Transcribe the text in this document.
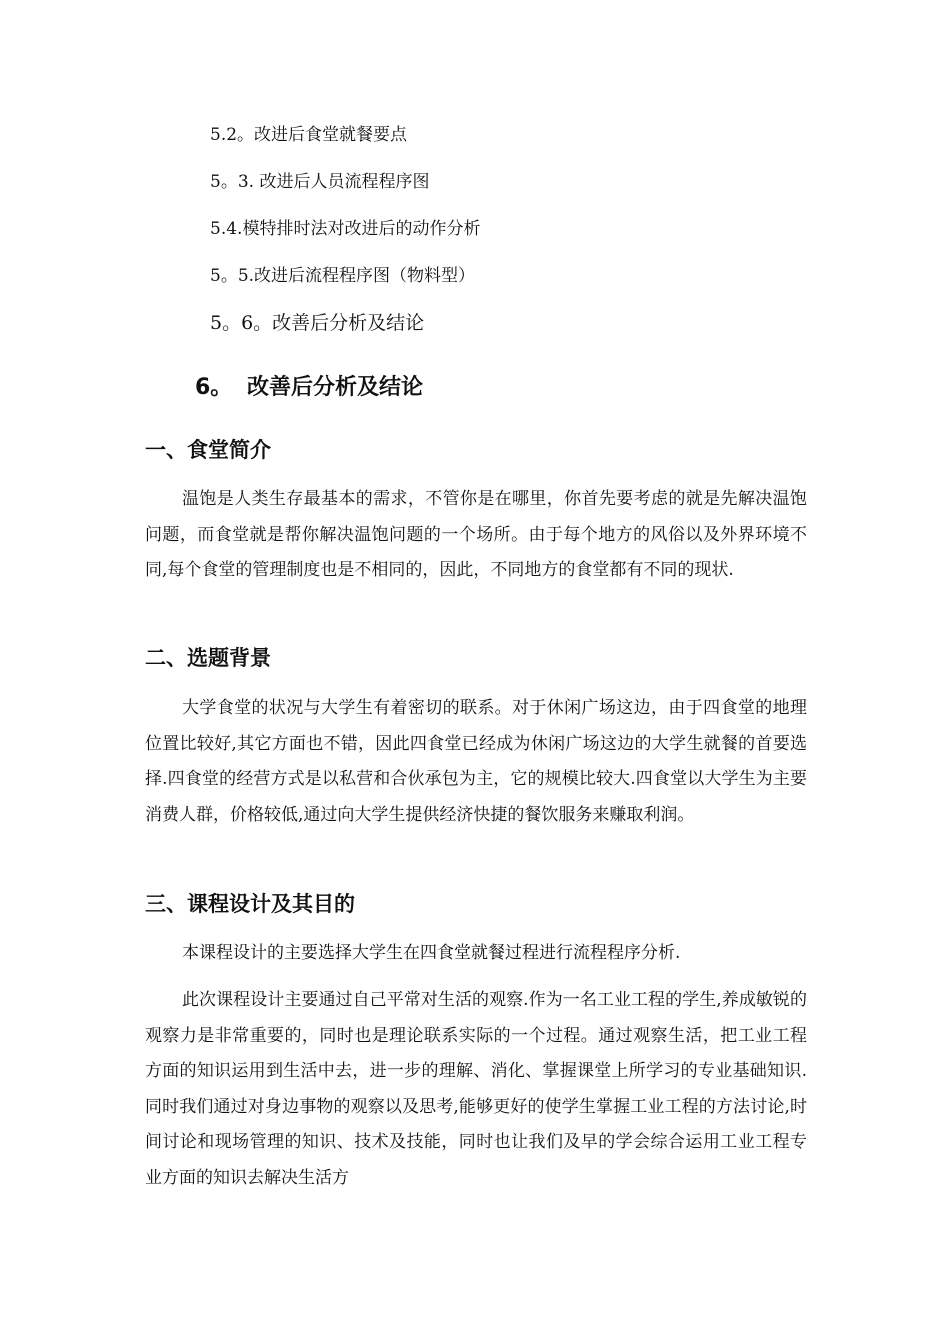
5.2。改进后食堂就餐要点
5。3. 改进后人员流程程序图
5.4.模特排时法对改进后的动作分析
5。5.改进后流程程序图（物料型）
5。6。改善后分析及结论
6。 改善后分析及结论
一、食堂简介

温饱是人类生存最基本的需求，不管你是在哪里，你首先要考虑的就是先解决温饱问题，而食堂就是帮你解决温饱问题的一个场所。由于每个地方的风俗以及外界环境不同,每个食堂的管理制度也是不相同的，因此，不同地方的食堂都有不同的现状.

二、选题背景

大学食堂的状况与大学生有着密切的联系。对于休闲广场这边，由于四食堂的地理位置比较好,其它方面也不错，因此四食堂已经成为休闲广场这边的大学生就餐的首要选择.四食堂的经营方式是以私营和合伙承包为主，它的规模比较大.四食堂以大学生为主要消费人群，价格较低,通过向大学生提供经济快捷的餐饮服务来赚取利润。

三、课程设计及其目的

本课程设计的主要选择大学生在四食堂就餐过程进行流程程序分析.

此次课程设计主要通过自己平常对生活的观察.作为一名工业工程的学生,养成敏锐的观察力是非常重要的，同时也是理论联系实际的一个过程。通过观察生活，把工业工程方面的知识运用到生活中去，进一步的理解、消化、掌握课堂上所学习的专业基础知识.同时我们通过对身边事物的观察以及思考,能够更好的使学生掌握工业工程的方法讨论,时间讨论和现场管理的知识、技术及技能，同时也让我们及早的学会综合运用工业工程专业方面的知识去解决生活方
